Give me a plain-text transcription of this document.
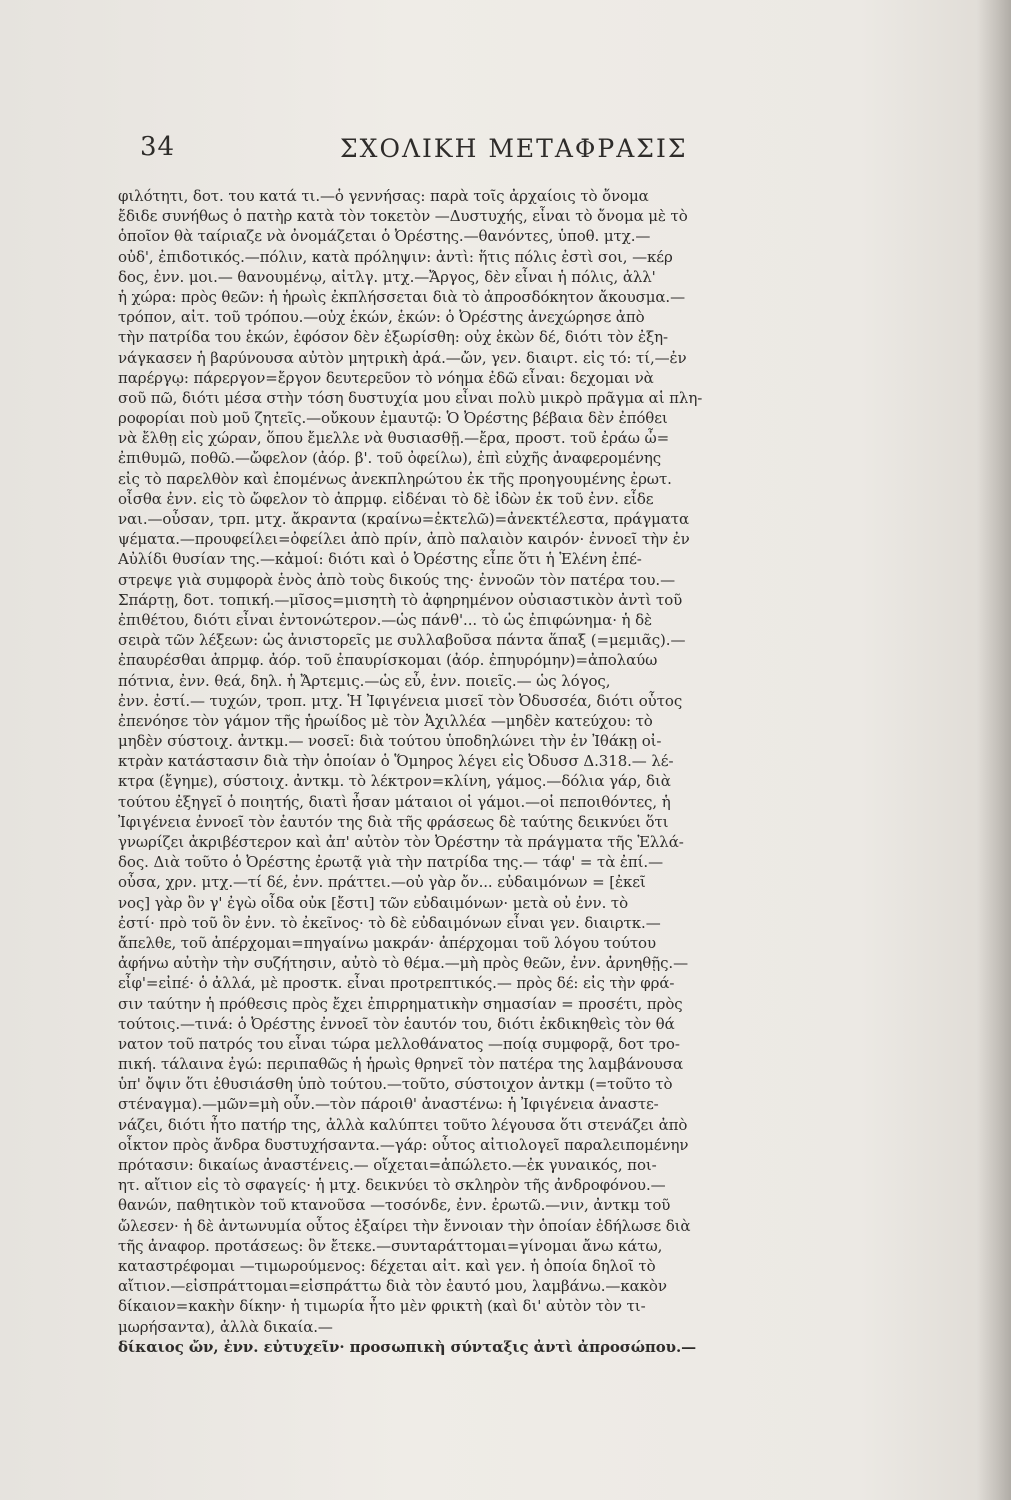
34	ΣΧΟΛΙΚΗ ΜΕΤΑΦΡΑΣΙΣ
φιλότητι, δοτ. του κατά τι.—ὁ γεννήσας: παρὰ τοῖς ἀρχαίοις τὸ ὄνομα
ἔδιδε συνήθως ὁ πατὴρ κατὰ τὸν τοκετὸν —Δυστυχής, εἶναι τὸ ὄνομα μὲ τὸ
ὁποῖον θὰ ταίριαζε νὰ ὀνομάζεται ὁ Ὀρέστης.—θανόντες, ὑποθ. μτχ.—
οὐδ', ἐπιδοτικός.—πόλιν, κατὰ πρόληψιν: ἀντὶ: ἥτις πόλις ἐστὶ σοι, —κέρ
δος, ἐνν. μοι.— θανουμένῳ, αἰτλγ. μτχ.—Ἄργος, δὲν εἶναι ἡ πόλις, ἀλλ'
ἡ χώρα: πρὸς θεῶν: ἡ ἡρωὶς ἐκπλήσσεται διὰ τὸ ἀπροσδόκητον ἄκουσμα.—
τρόπον, αἰτ. τοῦ τρόπου.—οὐχ ἑκών, ἑκών: ὁ Ὀρέστης ἀνεχώρησε ἀπὸ
τὴν πατρίδα του ἑκών, ἐφόσον δὲν ἐξωρίσθη: οὐχ ἑκὼν δέ, διότι τὸν ἐξη-
νάγκασεν ἡ βαρύνουσα αὐτὸν μητρικὴ ἀρά.—ὤν, γεν. διαιρτ. εἰς τό: τί,—ἐν
παρέργῳ: πάρεργον=ἔργον δευτερεῦον τὸ νόημα ἐδῶ εἶναι: δεχομαι νὰ
σοῦ πῶ, διότι μέσα στὴν τόση δυστυχία μου εἶναι πολὺ μικρὸ πρᾶγμα αἱ πλη-
ροφορίαι ποὺ μοῦ ζητεῖς.—οὔκουν ἐμαυτῷ: Ὁ Ὀρέστης βέβαια δὲν ἐπόθει
νὰ ἔλθῃ εἰς χώραν, ὅπου ἔμελλε νὰ θυσιασθῇ.—ἔρα, προστ. τοῦ ἐράω ὦ=
ἐπιθυμῶ, ποθῶ.—ὤφελον (ἀόρ. β'. τοῦ ὀφείλω), ἐπὶ εὐχῆς ἀναφερομένης
εἰς τὸ παρελθὸν καὶ ἐπομένως ἀνεκπληρώτου ἐκ τῆς προηγουμένης ἐρωτ.
οἶσθα ἐνν. εἰς τὸ ὤφελον τὸ ἀπρμφ. εἰδέναι τὸ δὲ ἰδὼν ἐκ τοῦ ἐνν. εἶδε
ναι.—οὖσαν, τρπ. μτχ. ἄκραντα (κραίνω=ἐκτελῶ)=ἀνεκτέλεστα, πράγματα
ψέματα.—προυφείλει=ὀφείλει ἀπὸ πρίν, ἀπὸ παλαιὸν καιρόν· ἐννοεῖ τὴν ἐν
Αὐλίδι θυσίαν της.—κἀμοί: διότι καὶ ὁ Ὀρέστης εἶπε ὅτι ἡ Ἑλένη ἐπέ-
στρεψε γιὰ συμφορὰ ἑνὸς ἀπὸ τοὺς δικούς της· ἐννοῶν τὸν πατέρα του.—
Σπάρτῃ, δοτ. τοπική.—μῖσος=μισητὴ τὸ ἀφηρημένον οὐσιαστικὸν ἀντὶ τοῦ
ἐπιθέτου, διότι εἶναι ἐντονώτερον.—ὡς πάνθ'... τὸ ὡς ἐπιφώνημα· ἡ δὲ
σειρὰ τῶν λέξεων: ὡς ἀνιστορεῖς με συλλαβοῦσα πάντα ἅπαξ (=μεμιᾶς).—
ἐπαυρέσθαι ἀπρμφ. ἀόρ. τοῦ ἐπαυρίσκομαι (ἀόρ. ἐπηυρόμην)=ἀπολαύω
πότνια, ἐνν. θεά, δηλ. ἡ Ἄρτεμις.—ὡς εὖ, ἐνν. ποιεῖς.— ὡς λόγος,
ἐνν. ἐστί.— τυχών, τροπ. μτχ. Ἡ Ἰφιγένεια μισεῖ τὸν Ὀδυσσέα, διότι οὗτος
ἐπενόησε τὸν γάμον τῆς ἡρωίδος μὲ τὸν Ἀχιλλέα —μηδὲν κατεύχου: τὸ
μηδὲν σύστοιχ. ἀντκμ.— νοσεῖ: διὰ τούτου ὑποδηλώνει τὴν ἐν Ἰθάκῃ οἰ-
κτρὰν κατάστασιν διὰ τὴν ὁποίαν ὁ Ὅμηρος λέγει εἰς Ὀδυσσ Δ.318.— λέ-
κτρα (ἔγημε), σύστοιχ. ἀντκμ. τὸ λέκτρον=κλίνη, γάμος.—δόλια γάρ, διὰ
τούτου ἐξηγεῖ ὁ ποιητής, διατὶ ἦσαν μάταιοι οἱ γάμοι.—οἱ πεποιθόντες, ἡ
Ἰφιγένεια ἐννοεῖ τὸν ἑαυτόν της διὰ τῆς φράσεως δὲ ταύτης δεικνύει ὅτι
γνωρίζει ἀκριβέστερον καὶ ἀπ' αὐτὸν τὸν Ὀρέστην τὰ πράγματα τῆς Ἑλλά-
δος. Διὰ τοῦτο ὁ Ὀρέστης ἐρωτᾷ γιὰ τὴν πατρίδα της.— τάφ' = τὰ ἐπί.—
οὖσα, χρν. μτχ.—τί δέ, ἐνν. πράττει.—οὐ γὰρ ὄν... εὐδαιμόνων = [ἐκεῖ
νος] γὰρ ὃν γ' ἐγὼ οἶδα οὐκ [ἔστι] τῶν εὐδαιμόνων· μετὰ οὐ ἐνν. τὸ
ἐστί· πρὸ τοῦ ὃν ἐνν. τὸ ἐκεῖνος· τὸ δὲ εὐδαιμόνων εἶναι γεν. διαιρτκ.—
ἄπελθε, τοῦ ἀπέρχομαι=πηγαίνω μακράν· ἀπέρχομαι τοῦ λόγου τούτου
ἀφήνω αὐτὴν τὴν συζήτησιν, αὐτὸ τὸ θέμα.—μὴ πρὸς θεῶν, ἐνν. ἀρνηθῇς.—
εἶφ'=εἰπέ· ὁ ἀλλά, μὲ προστκ. εἶναι προτρεπτικός.— πρὸς δέ: εἰς τὴν φρά-
σιν ταύτην ἡ πρόθεσις πρὸς ἔχει ἐπιρρηματικὴν σημασίαν = προσέτι, πρὸς
τούτοις.—τινά: ὁ Ὀρέστης ἐννοεῖ τὸν ἑαυτόν του, διότι ἐκδικηθεὶς τὸν θά
νατον τοῦ πατρός του εἶναι τώρα μελλοθάνατος —ποίᾳ συμφορᾷ, δοτ τρο-
πική. τάλαινα ἐγώ: περιπαθῶς ἡ ἡρωὶς θρηνεῖ τὸν πατέρα της λαμβάνουσα
ὑπ' ὄψιν ὅτι ἐθυσιάσθη ὑπὸ τούτου.—τοῦτο, σύστοιχον ἀντκμ (=τοῦτο τὸ
στέναγμα).—μῶν=μὴ οὖν.—τὸν πάροιθ' ἀναστένω: ἡ Ἰφιγένεια ἀναστε-
νάζει, διότι ἦτο πατήρ της, ἀλλὰ καλύπτει τοῦτο λέγουσα ὅτι στενάζει ἀπὸ
οἶκτον πρὸς ἄνδρα δυστυχήσαντα.—γάρ: οὗτος αἰτιολογεῖ παραλειπομένην
πρότασιν: δικαίως ἀναστένεις.— οἴχεται=ἀπώλετο.—ἐκ γυναικός, ποι-
ητ. αἴτιον εἰς τὸ σφαγείς· ἡ μτχ. δεικνύει τὸ σκληρὸν τῆς ἀνδροφόνου.—
θανών, παθητικὸν τοῦ κτανοῦσα —τοσόνδε, ἐνν. ἐρωτῶ.—νιν, ἀντκμ τοῦ
ὤλεσεν· ἡ δὲ ἀντωνυμία οὗτος ἐξαίρει τὴν ἔννοιαν τὴν ὁποίαν ἐδήλωσε διὰ
τῆς ἀναφορ. προτάσεως: ὃν ἔτεκε.—συνταράττομαι=γίνομαι ἄνω κάτω,
καταστρέφομαι —τιμωρούμενος: δέχεται αἰτ. καὶ γεν. ἡ ὁποία δηλοῖ τὸ
αἴτιον.—εἰσπράττομαι=εἰσπράττω διὰ τὸν ἑαυτό μου, λαμβάνω.—κακὸν
δίκαιον=κακὴν δίκην· ἡ τιμωρία ἦτο μὲν φρικτὴ (καὶ δι' αὐτὸν τὸν τι-
μωρήσαντα), ἀλλὰ δικαία.—
δίκαιος ὤν, ἐνν. εὐτυχεῖν· προσωπικὴ σύνταξις ἀντὶ ἀπροσώπου.—
